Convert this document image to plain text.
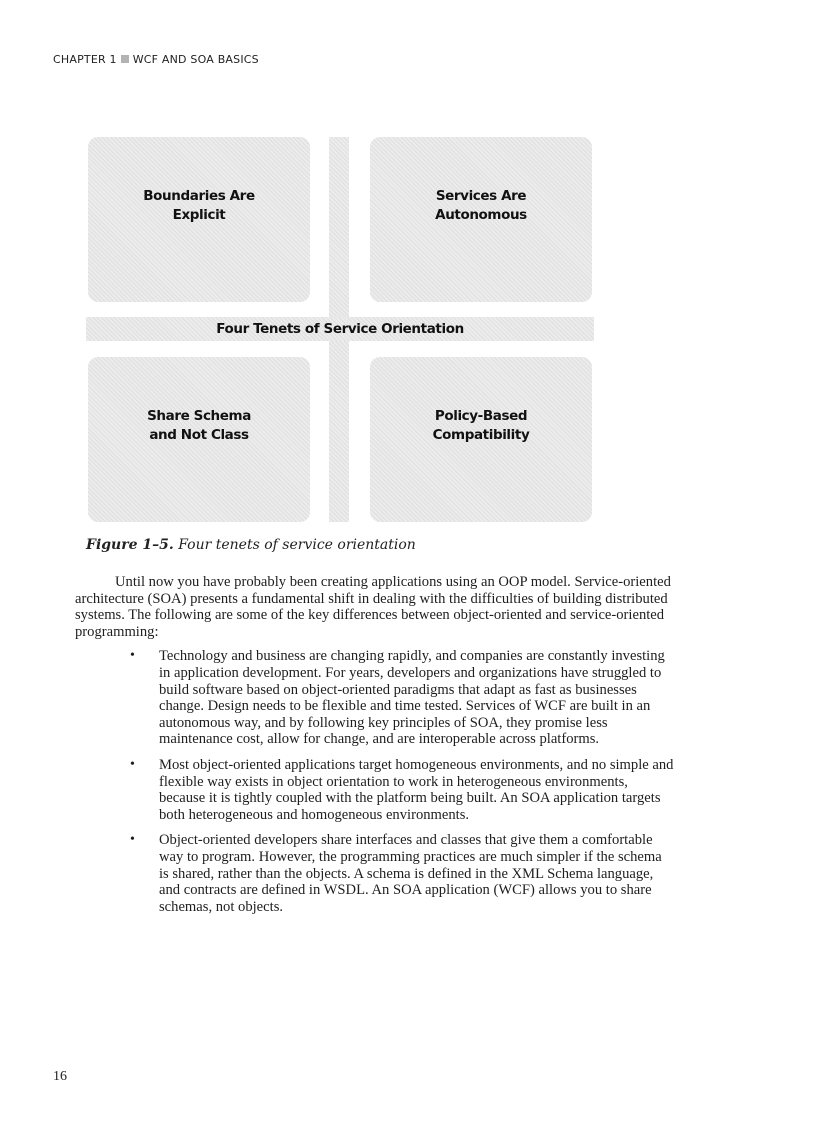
CHAPTER 1 WCF AND SOA BASICS
Boundaries Are
Explicit
Services Are
Autonomous
Share Schema
and Not Class
Policy-Based
Compatibility
Four Tenets of Service Orientation
Figure 1–5. Four tenets of service orientation

Until now you have probably been creating applications using an OOP model. Service-oriented architecture (SOA) presents a fundamental shift in dealing with the difficulties of building distributed systems. The following are some of the key differences between object-oriented and service-oriented programming:

• Technology and business are changing rapidly, and companies are constantly investing in application development. For years, developers and organizations have struggled to build software based on object-oriented paradigms that adapt as fast as businesses change. Design needs to be flexible and time tested. Services of WCF are built in an autonomous way, and by following key principles of SOA, they promise less maintenance cost, allow for change, and are interoperable across platforms.
• Most object-oriented applications target homogeneous environments, and no simple and flexible way exists in object orientation to work in heterogeneous environments, because it is tightly coupled with the platform being built. An SOA application targets both heterogeneous and homogeneous environments.
• Object-oriented developers share interfaces and classes that give them a comfortable way to program. However, the programming practices are much simpler if the schema is shared, rather than the objects. A schema is defined in the XML Schema language, and contracts are defined in WSDL. An SOA application (WCF) allows you to share schemas, not objects.
16
